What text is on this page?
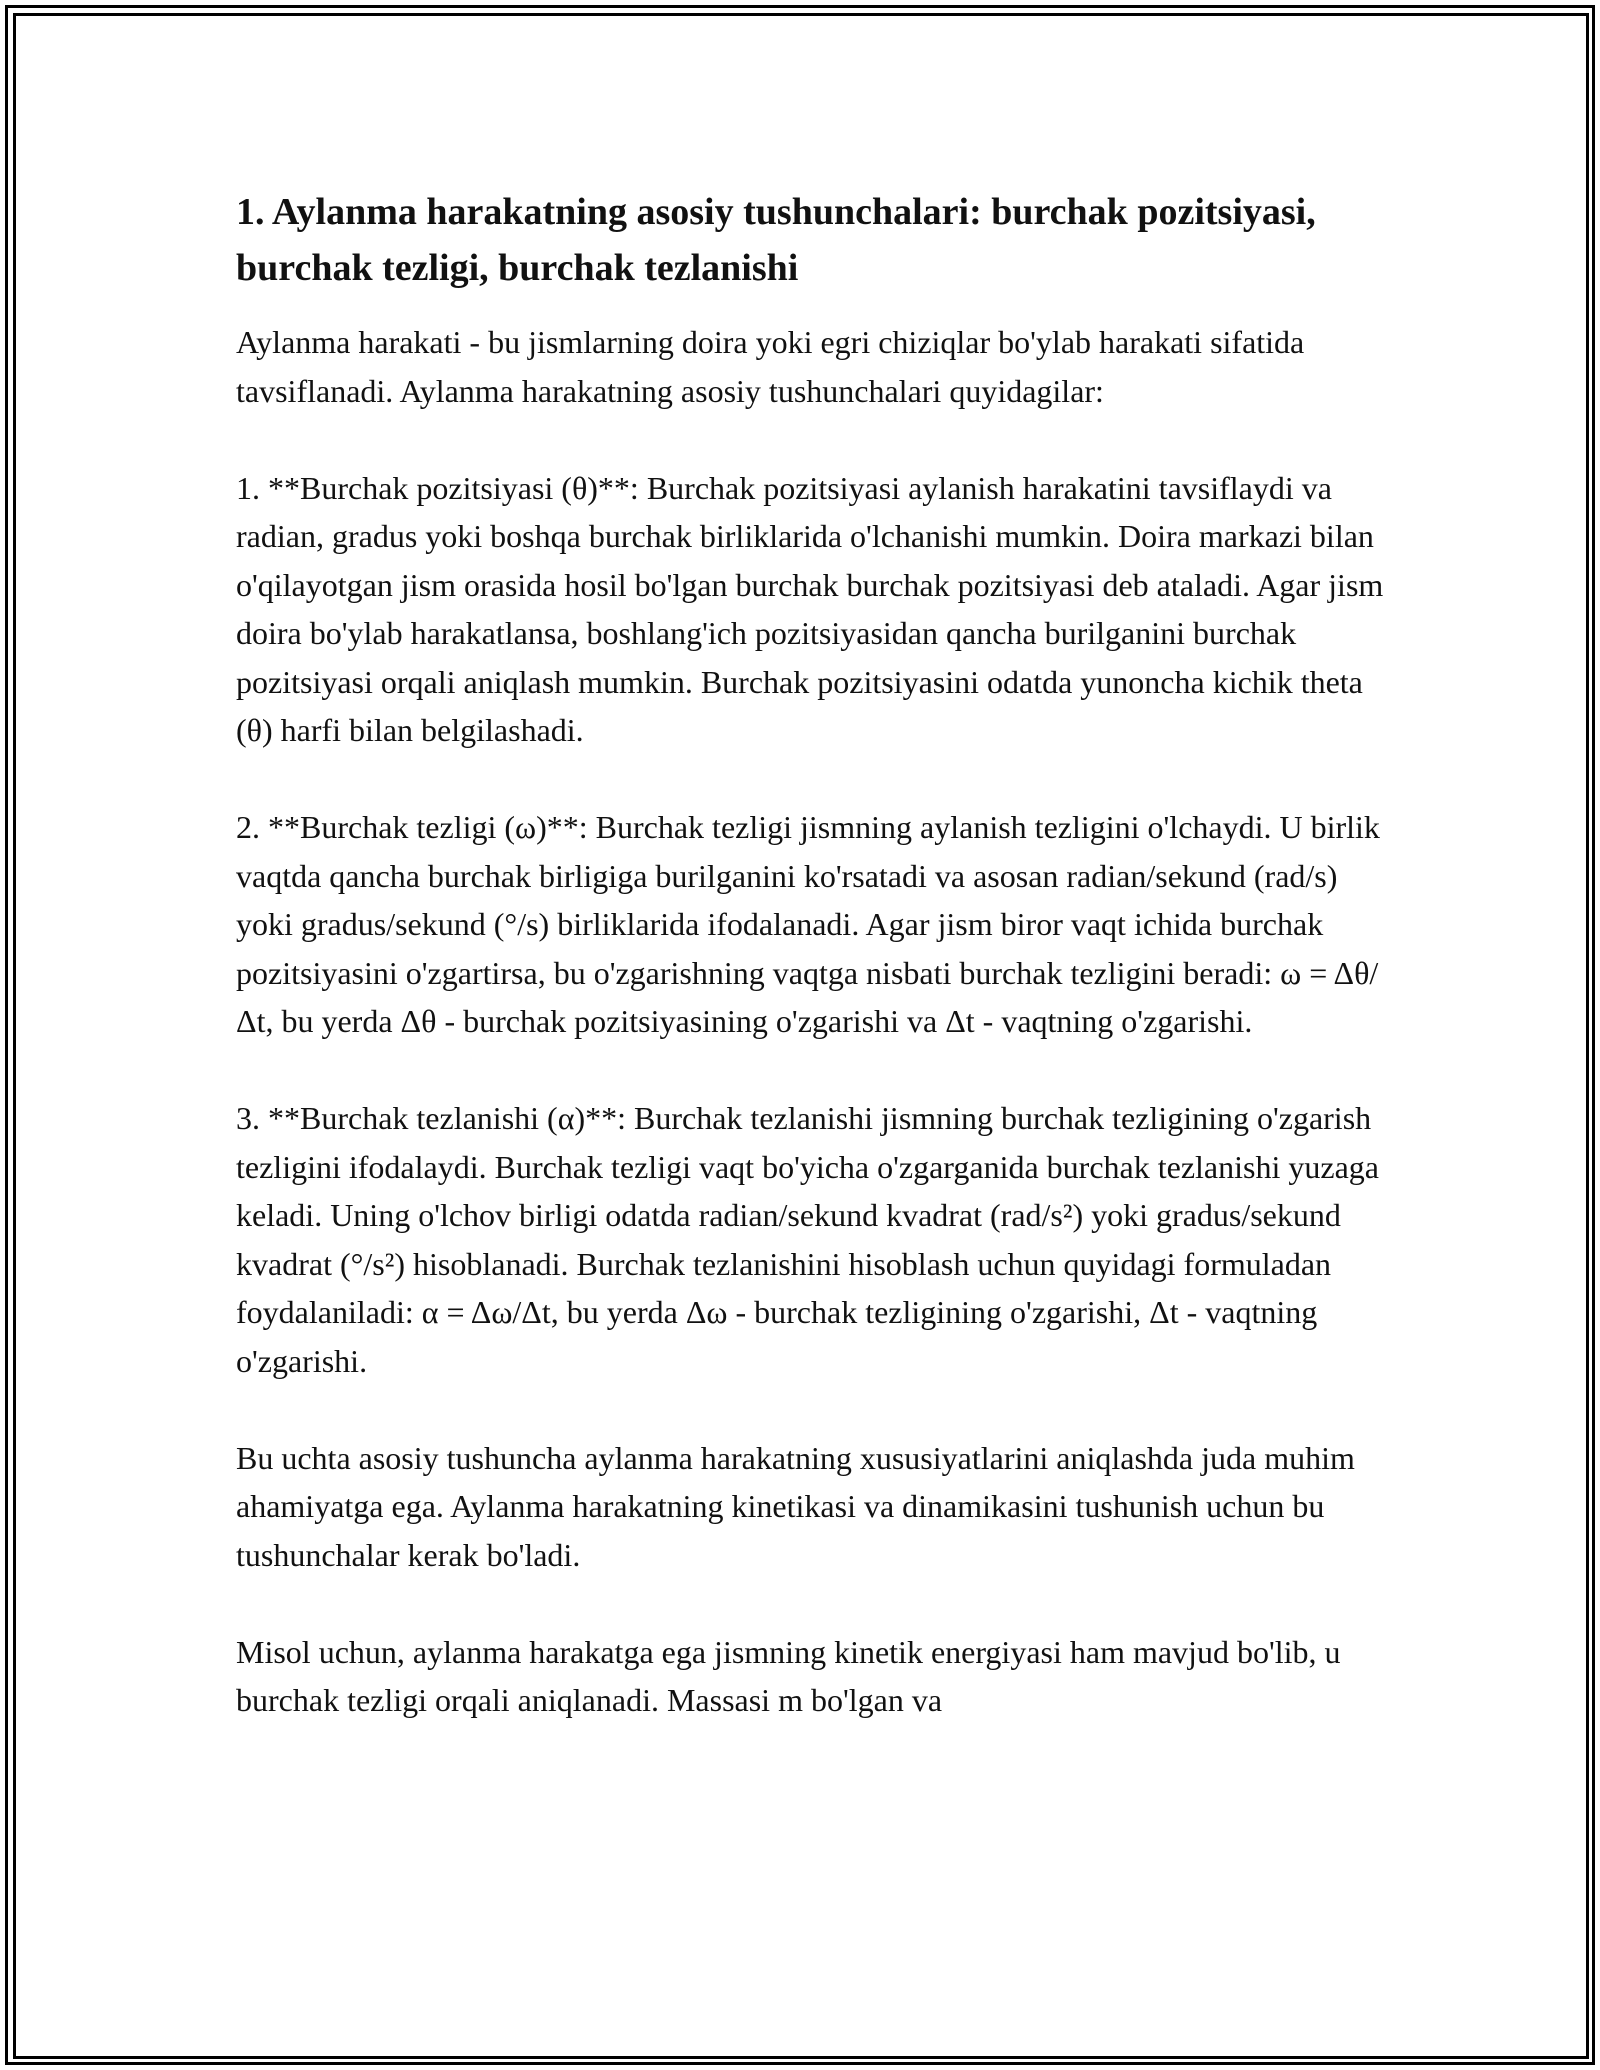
1. Aylanma harakatning asosiy tushunchalari: burchak pozitsiyasi, burchak tezligi, burchak tezlanishi

Aylanma harakati - bu jismlarning doira yoki egri chiziqlar bo'ylab harakati sifatida tavsiflanadi. Aylanma harakatning asosiy tushunchalari quyidagilar:

1. **Burchak pozitsiyasi (θ)**: Burchak pozitsiyasi aylanish harakatini tavsiflaydi va radian, gradus yoki boshqa burchak birliklarida o'lchanishi mumkin. Doira markazi bilan o'qilayotgan jism orasida hosil bo'lgan burchak burchak pozitsiyasi deb ataladi. Agar jism doira bo'ylab harakatlansa, boshlang'ich pozitsiyasidan qancha burilganini burchak pozitsiyasi orqali aniqlash mumkin. Burchak pozitsiyasini odatda yunoncha kichik theta (θ) harfi bilan belgilashadi.

2. **Burchak tezligi (ω)**: Burchak tezligi jismning aylanish tezligini o'lchaydi. U birlik vaqtda qancha burchak birligiga burilganini ko'rsatadi va asosan radian/sekund (rad/s) yoki gradus/sekund (°/s) birliklarida ifodalanadi. Agar jism biror vaqt ichida burchak pozitsiyasini o'zgartirsa, bu o'zgarishning vaqtga nisbati burchak tezligini beradi: ω = Δθ/Δt, bu yerda Δθ - burchak pozitsiyasining o'zgarishi va Δt - vaqtning o'zgarishi.

3. **Burchak tezlanishi (α)**: Burchak tezlanishi jismning burchak tezligining o'zgarish tezligini ifodalaydi. Burchak tezligi vaqt bo'yicha o'zgarganida burchak tezlanishi yuzaga keladi. Uning o'lchov birligi odatda radian/sekund kvadrat (rad/s²) yoki gradus/sekund kvadrat (°/s²) hisoblanadi. Burchak tezlanishini hisoblash uchun quyidagi formuladan foydalaniladi: α = Δω/Δt, bu yerda Δω - burchak tezligining o'zgarishi, Δt - vaqtning o'zgarishi.

Bu uchta asosiy tushuncha aylanma harakatning xususiyatlarini aniqlashda juda muhim ahamiyatga ega. Aylanma harakatning kinetikasi va dinamikasini tushunish uchun bu tushunchalar kerak bo'ladi.

Misol uchun, aylanma harakatga ega jismning kinetik energiyasi ham mavjud bo'lib, u burchak tezligi orqali aniqlanadi. Massasi m bo'lgan va
